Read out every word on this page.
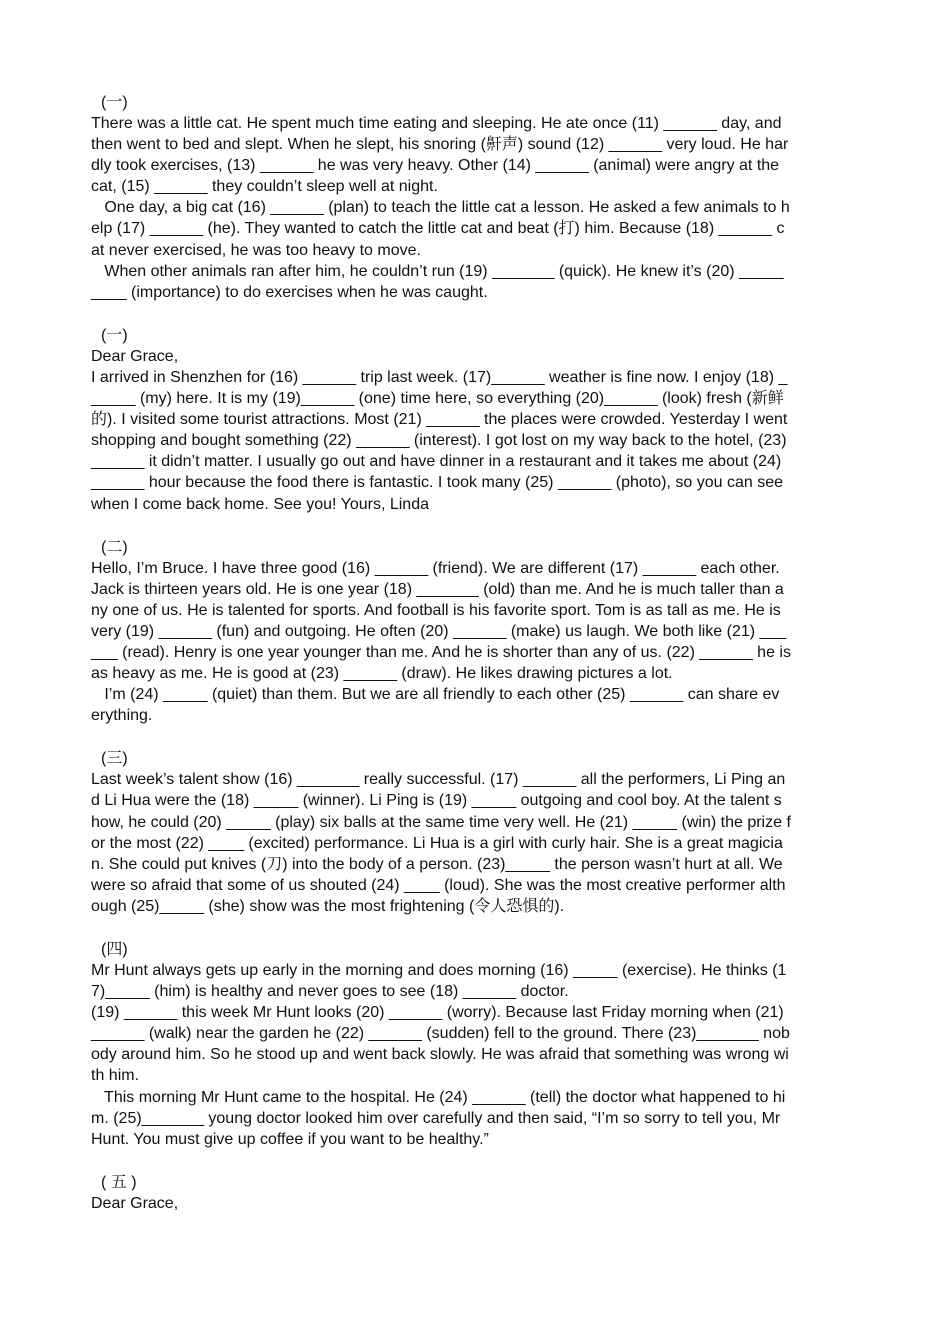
(一)

There was a little cat. He spent much time eating and sleeping. He ate once (11) ______ day, and

then went to bed and slept. When he slept, his snoring (鼾声) sound (12) ______ very loud. He har

dly took exercises, (13) ______ he was very heavy. Other (14) ______ (animal) were angry at the

cat, (15) ______ they couldn’t sleep well at night.

One day, a big cat (16) ______ (plan) to teach the little cat a lesson. He asked a few animals to h

elp (17) ______ (he). They wanted to catch the little cat and beat (打) him. Because (18) ______ c

at never exercised, he was too heavy to move.

When other animals ran after him, he couldn’t run (19) _______ (quick). He knew it’s (20) _____

____ (importance) to do exercises when he was caught.

(一)

Dear Grace,

I arrived in Shenzhen for (16) ______ trip last week. (17)______ weather is fine now. I enjoy (18) _

_____ (my) here. It is my (19)______ (one) time here, so everything (20)______ (look) fresh (新鲜

的). I visited some tourist attractions. Most (21) ______ the places were crowded. Yesterday I went

shopping and bought something (22) ______ (interest). I got lost on my way back to the hotel, (23)

______ it didn’t matter. I usually go out and have dinner in a restaurant and it takes me about (24)

______ hour because the food there is fantastic. I took many (25) ______ (photo), so you can see

when I come back home. See you! Yours, Linda

(二)

Hello, I’m Bruce. I have three good (16) ______ (friend). We are different (17) ______ each other.

Jack is thirteen years old. He is one year (18) _______ (old) than me. And he is much taller than a

ny one of us. He is talented for sports. And football is his favorite sport. Tom is as tall as me. He is

very (19) ______ (fun) and outgoing. He often (20) ______ (make) us laugh. We both like (21) ___

___ (read). Henry is one year younger than me. And he is shorter than any of us. (22) ______ he is

as heavy as me. He is good at (23) ______ (draw). He likes drawing pictures a lot.

I’m (24) _____ (quiet) than them. But we are all friendly to each other (25) ______ can share ev

erything.

(三)

Last week’s talent show (16) _______ really successful. (17) ______ all the performers, Li Ping an

d Li Hua were the (18) _____ (winner). Li Ping is (19) _____ outgoing and cool boy. At the talent s

how, he could (20) _____ (play) six balls at the same time very well. He (21) _____ (win) the prize f

or the most (22) ____ (excited) performance. Li Hua is a girl with curly hair. She is a great magicia

n. She could put knives (刀) into the body of a person. (23)_____ the person wasn’t hurt at all. We

were so afraid that some of us shouted (24) ____ (loud). She was the most creative performer alth

ough (25)_____ (she) show was the most frightening (令人恐惧的).

(四)

Mr Hunt always gets up early in the morning and does morning (16) _____ (exercise). He thinks (1

7)_____ (him) is healthy and never goes to see (18) ______ doctor.

(19) ______ this week Mr Hunt looks (20) ______ (worry). Because last Friday morning when (21)

______ (walk) near the garden he (22) ______ (sudden) fell to the ground. There (23)_______ nob

ody around him. So he stood up and went back slowly. He was afraid that something was wrong wi

th him.

This morning Mr Hunt came to the hospital. He (24) ______ (tell) the doctor what happened to hi

m. (25)_______ young doctor looked him over carefully and then said, “I’m so sorry to tell you, Mr

Hunt. You must give up coffee if you want to be healthy.”

( 五 )

Dear Grace,
